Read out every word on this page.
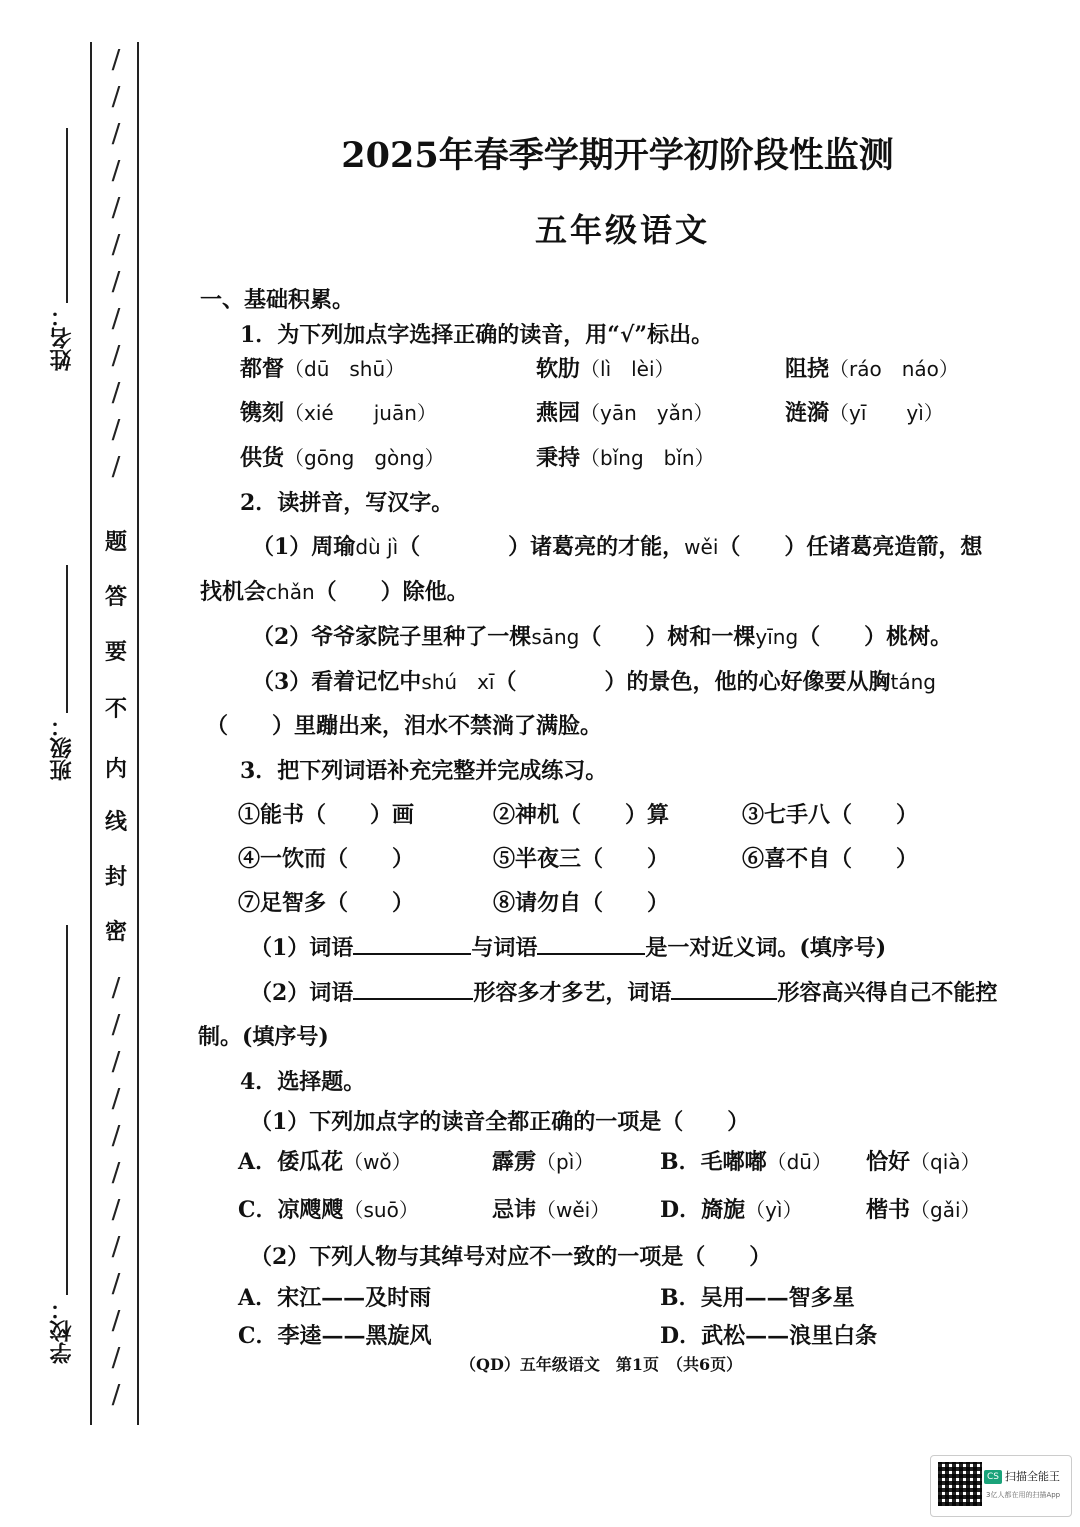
/
/
/
/
/
/
/
/
/
/
/
/
/
/
/
/
/
/
/
/
/
/
/
/
题
答
要
不
内
线
封
密
姓名：
班级：
学校：
2025年春季学期开学初阶段性监测
五年级语文
一、基础积累。
1．为下列加点字选择正确的读音，用“√”标出。
都督（dū　shū）	软肋（lì　lèi）	阻挠（ráo　náo）
镌刻（xié　　juān）	燕园（yān　yǎn）	涟漪（yī　　yì）
供货（gōng　gòng）	秉持（bǐng　bǐn）
2．读拼音，写汉字。
（1）周瑜dù jì（　　　　）诸葛亮的才能，wěi（　　）任诸葛亮造箭，想
找机会chǎn（　　）除他。
（2）爷爷家院子里种了一棵sāng（　　）树和一棵yīng（　　）桃树。
（3）看着记忆中shú　xī（　　　　）的景色，他的心好像要从胸táng
（　　）里蹦出来，泪水不禁淌了满脸。
3．把下列词语补充完整并完成练习。
①能书（　　）画	②神机（　　）算	③七手八（　　）
④一饮而（　　）	⑤半夜三（　　）	⑥喜不自（　　）
⑦足智多（　　）	⑧请勿自（　　）
（1）词语	与词语	是一对近义词。(填序号)
（2）词语	形容多才多艺，词语	形容高兴得自己不能控
制。(填序号)
4．选择题。
（1）下列加点字的读音全都正确的一项是（　　）
A．倭瓜花（wǒ）	霹雳（pì）	B．毛嘟嘟（dū） 恰好（qià）
C．凉飕飕（suō）	忌讳（wěi） D．旖旎（yì）	楷书（gǎi）
（2）下列人物与其绰号对应不一致的一项是（　　）
A．宋江——及时雨	B．吴用——智多星
C．李逵——黑旋风	D．武松——浪里白条
（QD）五年级语文　第1页　（共6页）
CS 扫描全能王
3亿人都在用的扫描App
